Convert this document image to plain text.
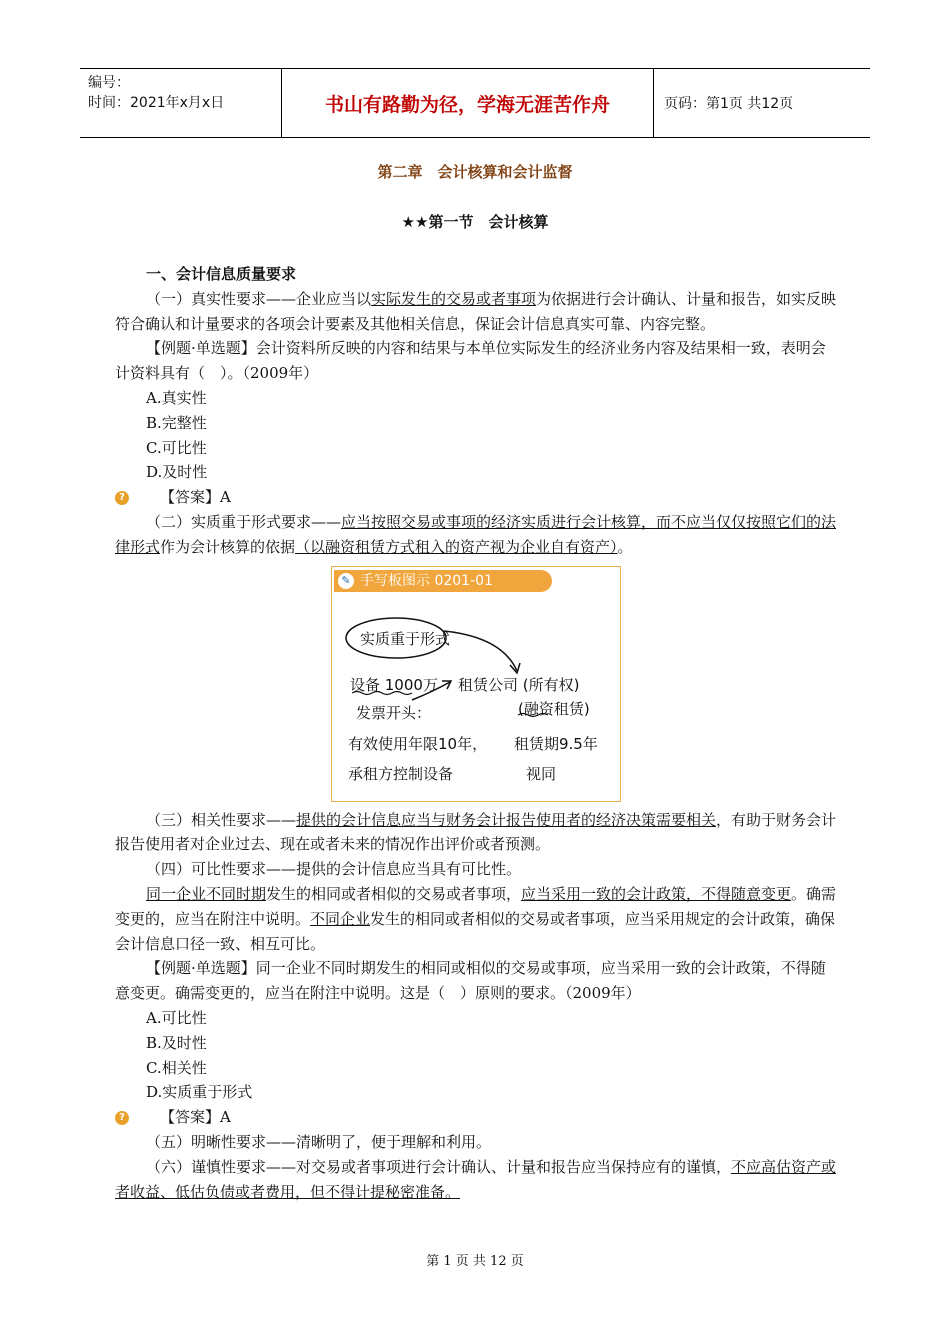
编号：
时间：2021年x月x日	书山有路勤为径，学海无涯苦作舟	页码：第1页 共12页
第二章　会计核算和会计监督
★★第一节　会计核算

一、会计信息质量要求

（一）真实性要求——企业应当以实际发生的交易或者事项为依据进行会计确认、计量和报告，如实反映符合确认和计量要求的各项会计要素及其他相关信息，保证会计信息真实可靠、内容完整。

【例题·单选题】会计资料所反映的内容和结果与本单位实际发生的经济业务内容及结果相一致，表明会计资料具有（　）。（2009年）

A.真实性

B.完整性

C.可比性

D.及时性

? 【答案】A

（二）实质重于形式要求——应当按照交易或事项的经济实质进行会计核算，而不应当仅仅按照它们的法律形式作为会计核算的依据（以融资租赁方式租入的资产视为企业自有资产）。

✎ 手写板图示 0201-01
实质重于形式
设备 1000万 租赁公司 (所有权)
发票开头：	(融资租赁)
有效使用年限10年， 租赁期9.5年
承租方控制设备	视同

（三）相关性要求——提供的会计信息应当与财务会计报告使用者的经济决策需要相关，有助于财务会计报告使用者对企业过去、现在或者未来的情况作出评价或者预测。

（四）可比性要求——提供的会计信息应当具有可比性。

同一企业不同时期发生的相同或者相似的交易或者事项，应当采用一致的会计政策，不得随意变更。确需变更的，应当在附注中说明。不同企业发生的相同或者相似的交易或者事项，应当采用规定的会计政策，确保会计信息口径一致、相互可比。

【例题·单选题】同一企业不同时期发生的相同或相似的交易或事项，应当采用一致的会计政策，不得随意变更。确需变更的，应当在附注中说明。这是（　）原则的要求。（2009年）

A.可比性

B.及时性

C.相关性

D.实质重于形式

? 【答案】A

（五）明晰性要求——清晰明了，便于理解和利用。

（六）谨慎性要求——对交易或者事项进行会计确认、计量和报告应当保持应有的谨慎，不应高估资产或者收益、低估负债或者费用，但不得计提秘密准备。

第 1 页 共 12 页
